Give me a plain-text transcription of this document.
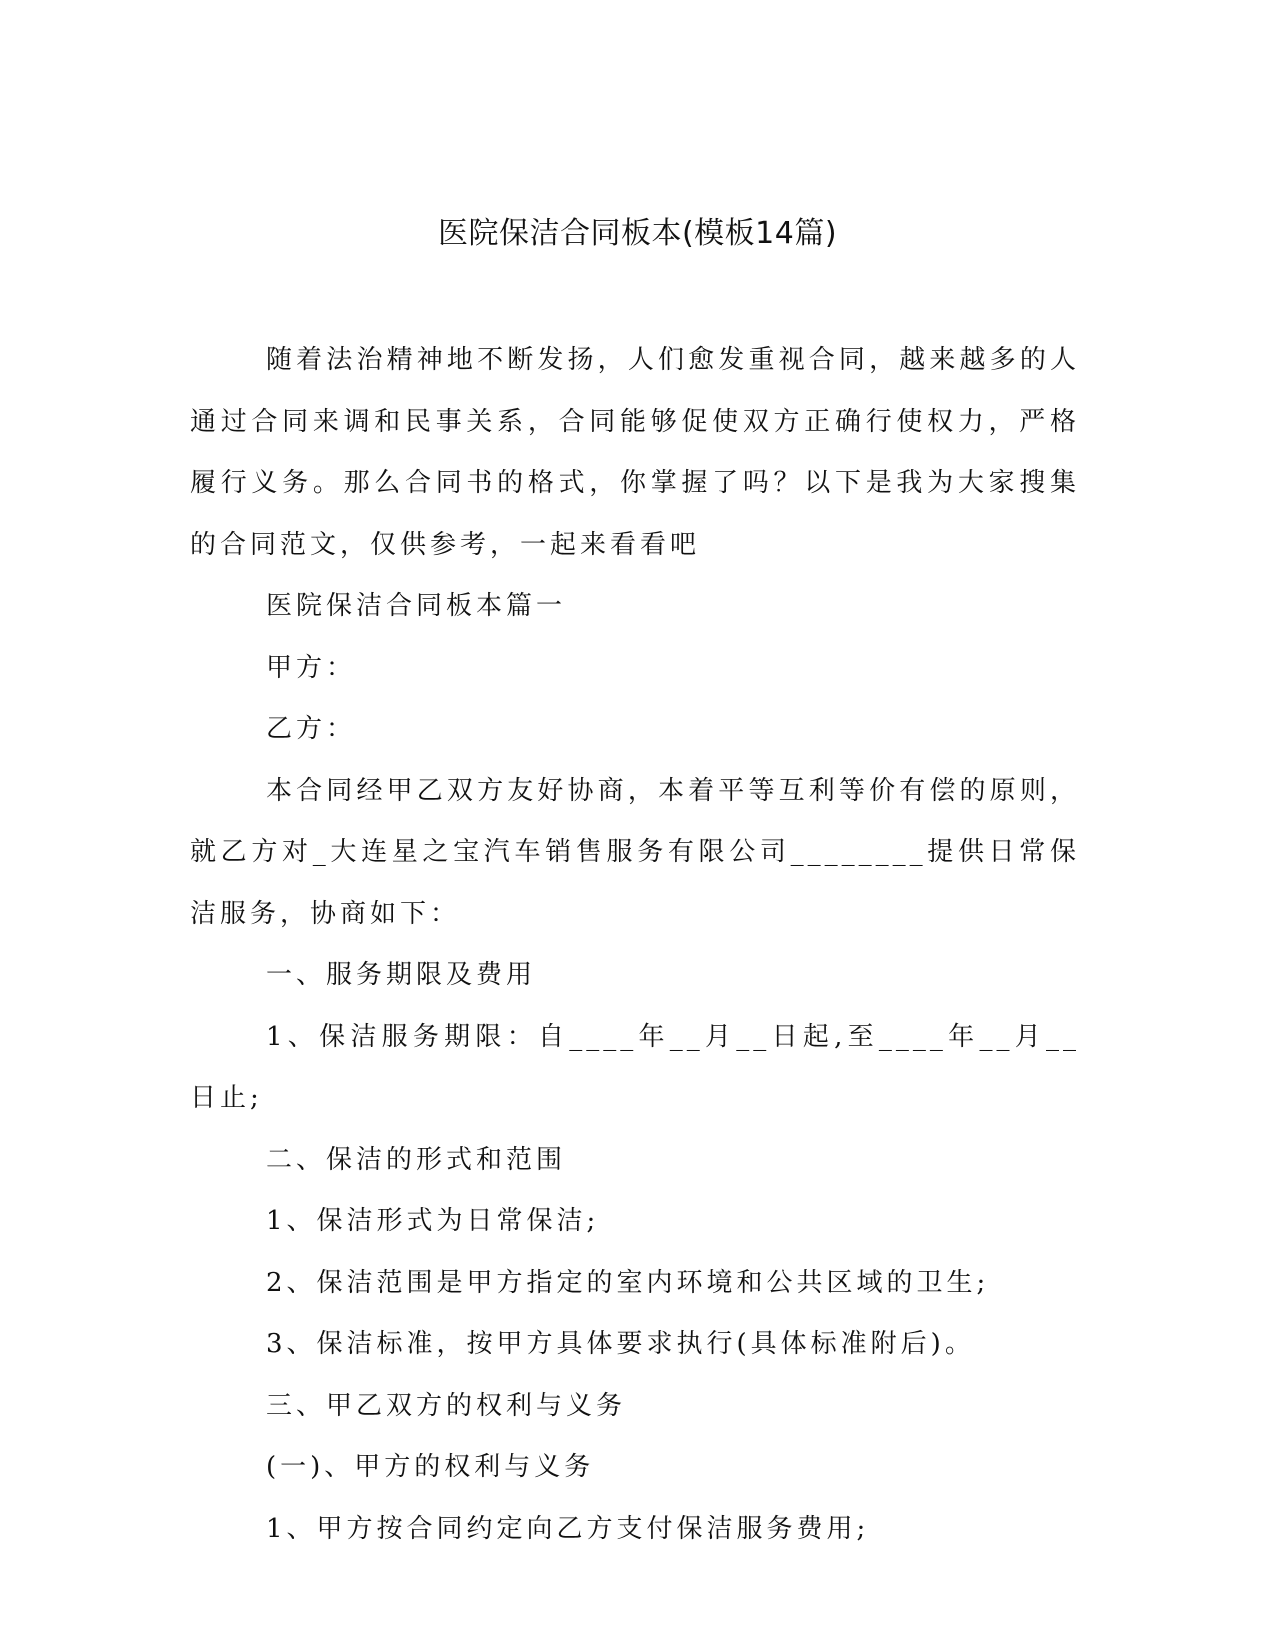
医院保洁合同板本(模板14篇)

随着法治精神地不断发扬，人们愈发重视合同，越来越多的人通过合同来调和民事关系，合同能够促使双方正确行使权力，严格履行义务。那么合同书的格式，你掌握了吗？以下是我为大家搜集的合同范文，仅供参考，一起来看看吧

医院保洁合同板本篇一

甲方：

乙方：

本合同经甲乙双方友好协商，本着平等互利等价有偿的原则，就乙方对_大连星之宝汽车销售服务有限公司________提供日常保洁服务，协商如下：

一、服务期限及费用

1、保洁服务期限：自____年__月__日起,至____年__月__日止;

二、保洁的形式和范围

1、保洁形式为日常保洁;

2、保洁范围是甲方指定的室内环境和公共区域的卫生;

3、保洁标准，按甲方具体要求执行(具体标准附后)。

三、甲乙双方的权利与义务

(一)、甲方的权利与义务

1、甲方按合同约定向乙方支付保洁服务费用;
